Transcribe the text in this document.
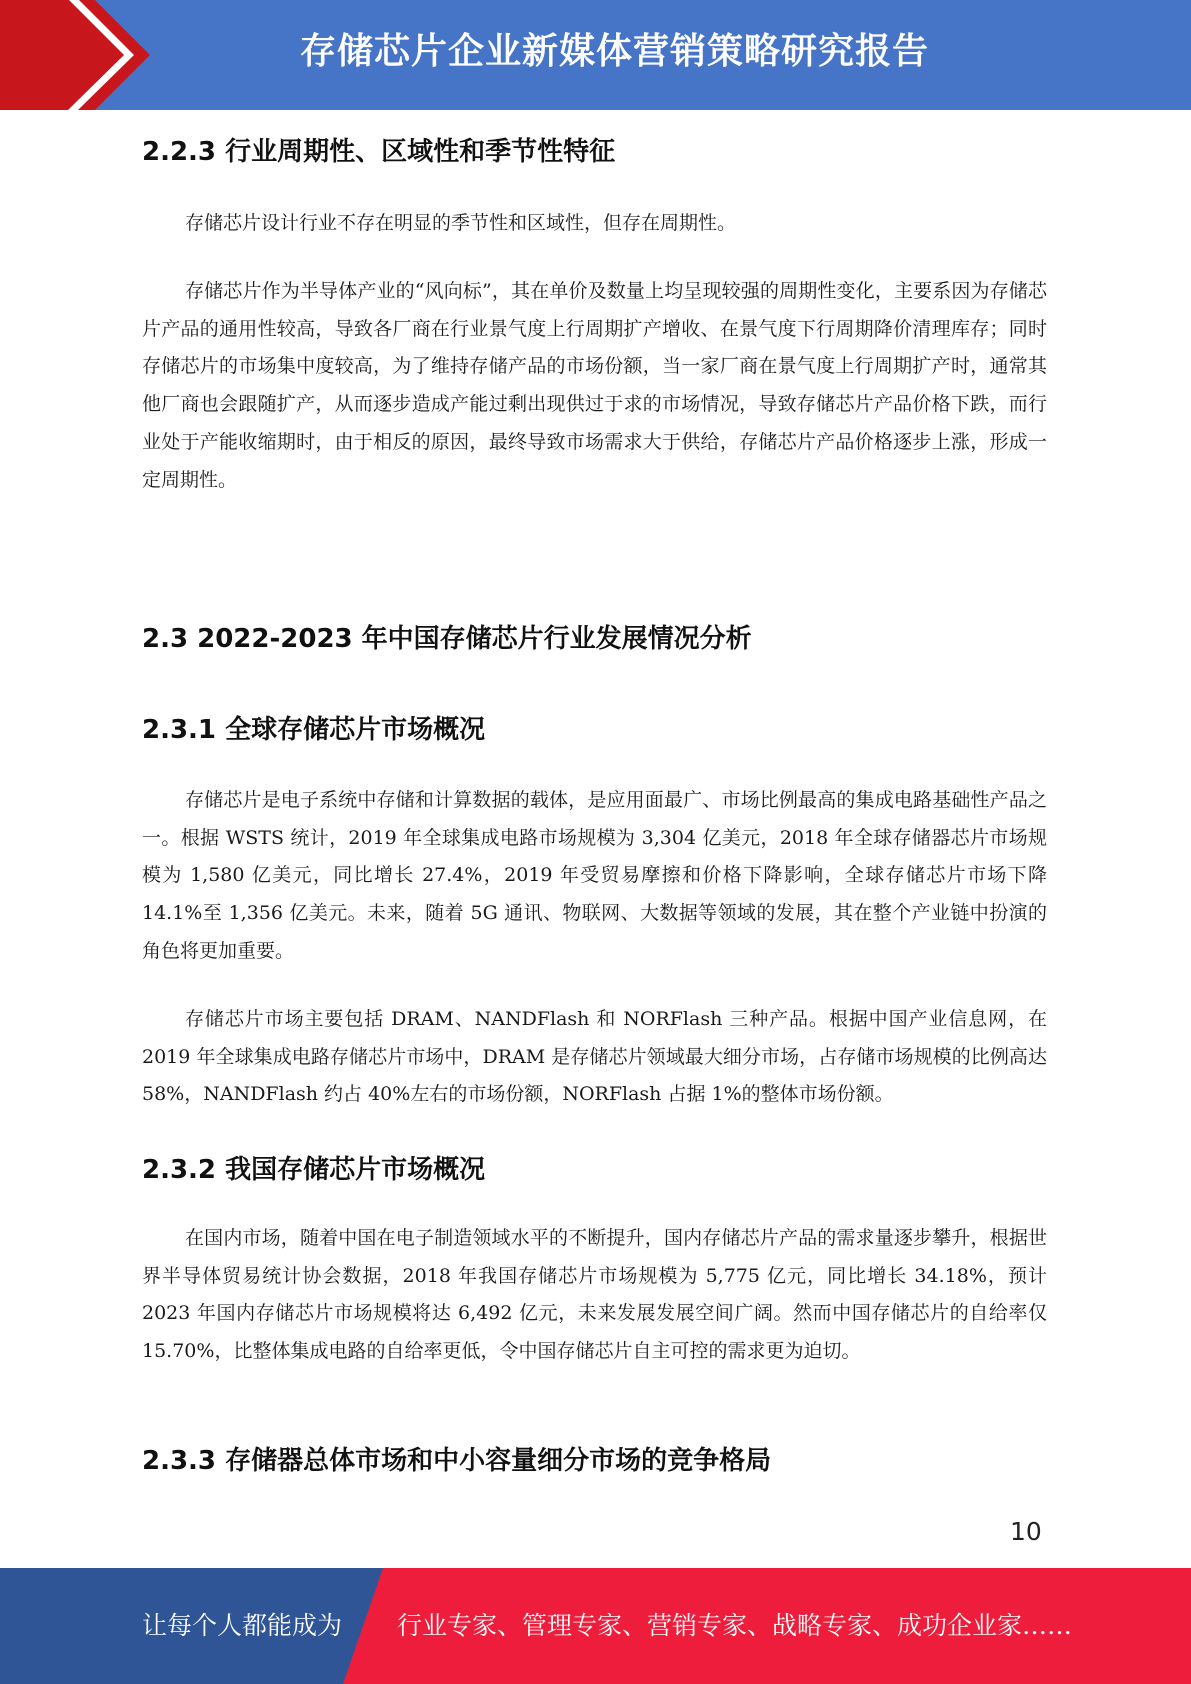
存储芯片企业新媒体营销策略研究报告
2.2.3 行业周期性、区域性和季节性特征

存储芯片设计行业不存在明显的季节性和区域性，但存在周期性。

存储芯片作为半导体产业的“风向标”，其在单价及数量上均呈现较强的周期性变化，主要系因为存储芯片产品的通用性较高，导致各厂商在行业景气度上行周期扩产增收、在景气度下行周期降价清理库存；同时存储芯片的市场集中度较高，为了维持存储产品的市场份额，当一家厂商在景气度上行周期扩产时，通常其他厂商也会跟随扩产，从而逐步造成产能过剩出现供过于求的市场情况，导致存储芯片产品价格下跌，而行业处于产能收缩期时，由于相反的原因，最终导致市场需求大于供给，存储芯片产品价格逐步上涨，形成一定周期性。

2.3 2022-2023 年中国存储芯片行业发展情况分析
2.3.1 全球存储芯片市场概况

存储芯片是电子系统中存储和计算数据的载体，是应用面最广、市场比例最高的集成电路基础性产品之一。根据 WSTS 统计，2019 年全球集成电路市场规模为 3,304 亿美元，2018 年全球存储器芯片市场规模为 1,580 亿美元，同比增长 27.4%，2019 年受贸易摩擦和价格下降影响，全球存储芯片市场下降 14.1%至 1,356 亿美元。未来，随着 5G 通讯、物联网、大数据等领域的发展，其在整个产业链中扮演的角色将更加重要。

存储芯片市场主要包括 DRAM、NANDFlash 和 NORFlash 三种产品。根据中国产业信息网，在 2019 年全球集成电路存储芯片市场中，DRAM 是存储芯片领域最大细分市场，占存储市场规模的比例高达 58%，NANDFlash 约占 40%左右的市场份额，NORFlash 占据 1%的整体市场份额。

2.3.2 我国存储芯片市场概况

在国内市场，随着中国在电子制造领域水平的不断提升，国内存储芯片产品的需求量逐步攀升，根据世界半导体贸易统计协会数据，2018 年我国存储芯片市场规模为 5,775 亿元，同比增长 34.18%，预计 2023 年国内存储芯片市场规模将达 6,492 亿元，未来发展发展空间广阔。然而中国存储芯片的自给率仅 15.70%，比整体集成电路的自给率更低，令中国存储芯片自主可控的需求更为迫切。

2.3.3 存储器总体市场和中小容量细分市场的竞争格局
10
让每个人都能成为 行业专家、管理专家、营销专家、战略专家、成功企业家……
